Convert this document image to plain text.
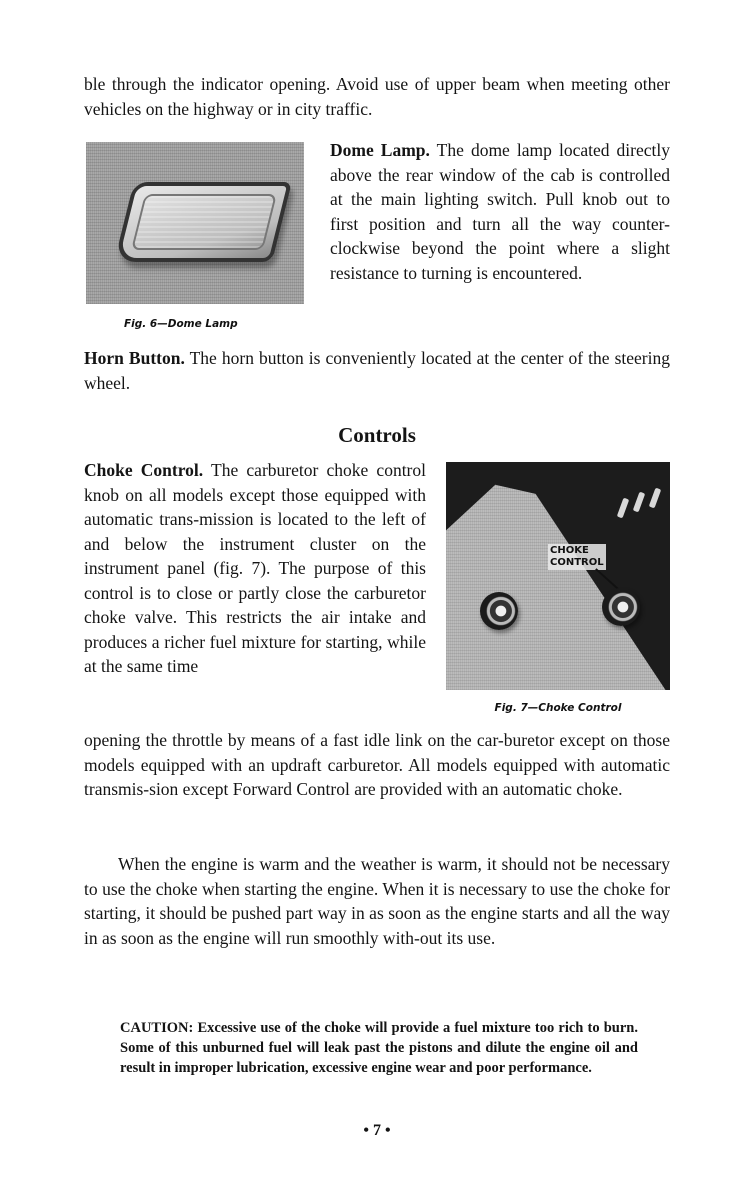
ble through the indicator opening. Avoid use of upper beam when meeting other vehicles on the highway or in city traffic.

Fig. 6—Dome Lamp

Dome Lamp. The dome lamp located directly above the rear window of the cab is controlled at the main lighting switch. Pull knob out to first position and turn all the way counter-clockwise beyond the point where a slight resistance to turning is encountered.

Horn Button. The horn button is conveniently located at the center of the steering wheel.

Controls

Choke Control. The carburetor choke control knob on all models except those equipped with automatic trans-mission is located to the left of and below the instrument cluster on the instrument panel (fig. 7). The purpose of this control is to close or partly close the carburetor choke valve. This restricts the air intake and produces a richer fuel mixture for starting, while at the same time

CHOKE
CONTROL
Fig. 7—Choke Control

opening the throttle by means of a fast idle link on the car-buretor except on those models equipped with an updraft carburetor. All models equipped with automatic transmis-sion except Forward Control are provided with an automatic choke.

When the engine is warm and the weather is warm, it should not be necessary to use the choke when starting the engine. When it is necessary to use the choke for starting, it should be pushed part way in as soon as the engine starts and all the way in as soon as the engine will run smoothly with-out its use.

CAUTION: Excessive use of the choke will provide a fuel mixture too rich to burn. Some of this unburned fuel will leak past the pistons and dilute the engine oil and result in improper lubrication, excessive engine wear and poor performance.
• 7 •
